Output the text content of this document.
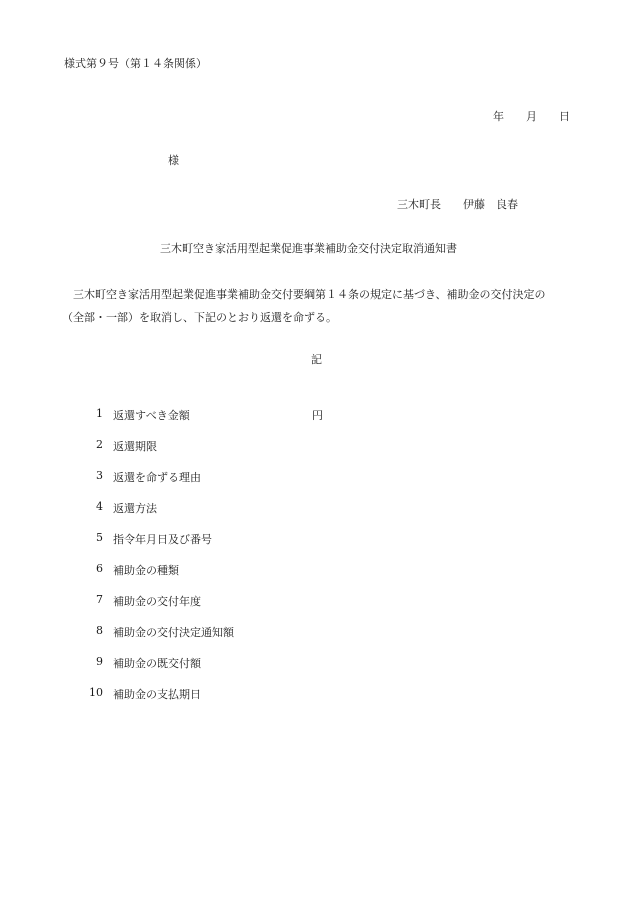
様式第９号（第１４条関係）
年 月 日
様
三木町長 伊藤　良春
三木町空き家活用型起業促進事業補助金交付決定取消通知書
三木町空き家活用型起業促進事業補助金交付要綱第１４条の規定に基づき、補助金の交付決定の
（全部・一部）を取消し、下記のとおり返還を命ずる。
記
1 返還すべき金額
2 返還期限
3 返還を命ずる理由
4 返還方法
5 指令年月日及び番号
6 補助金の種類
7 補助金の交付年度
8 補助金の交付決定通知額
9 補助金の既交付額
10 補助金の支払期日
円
